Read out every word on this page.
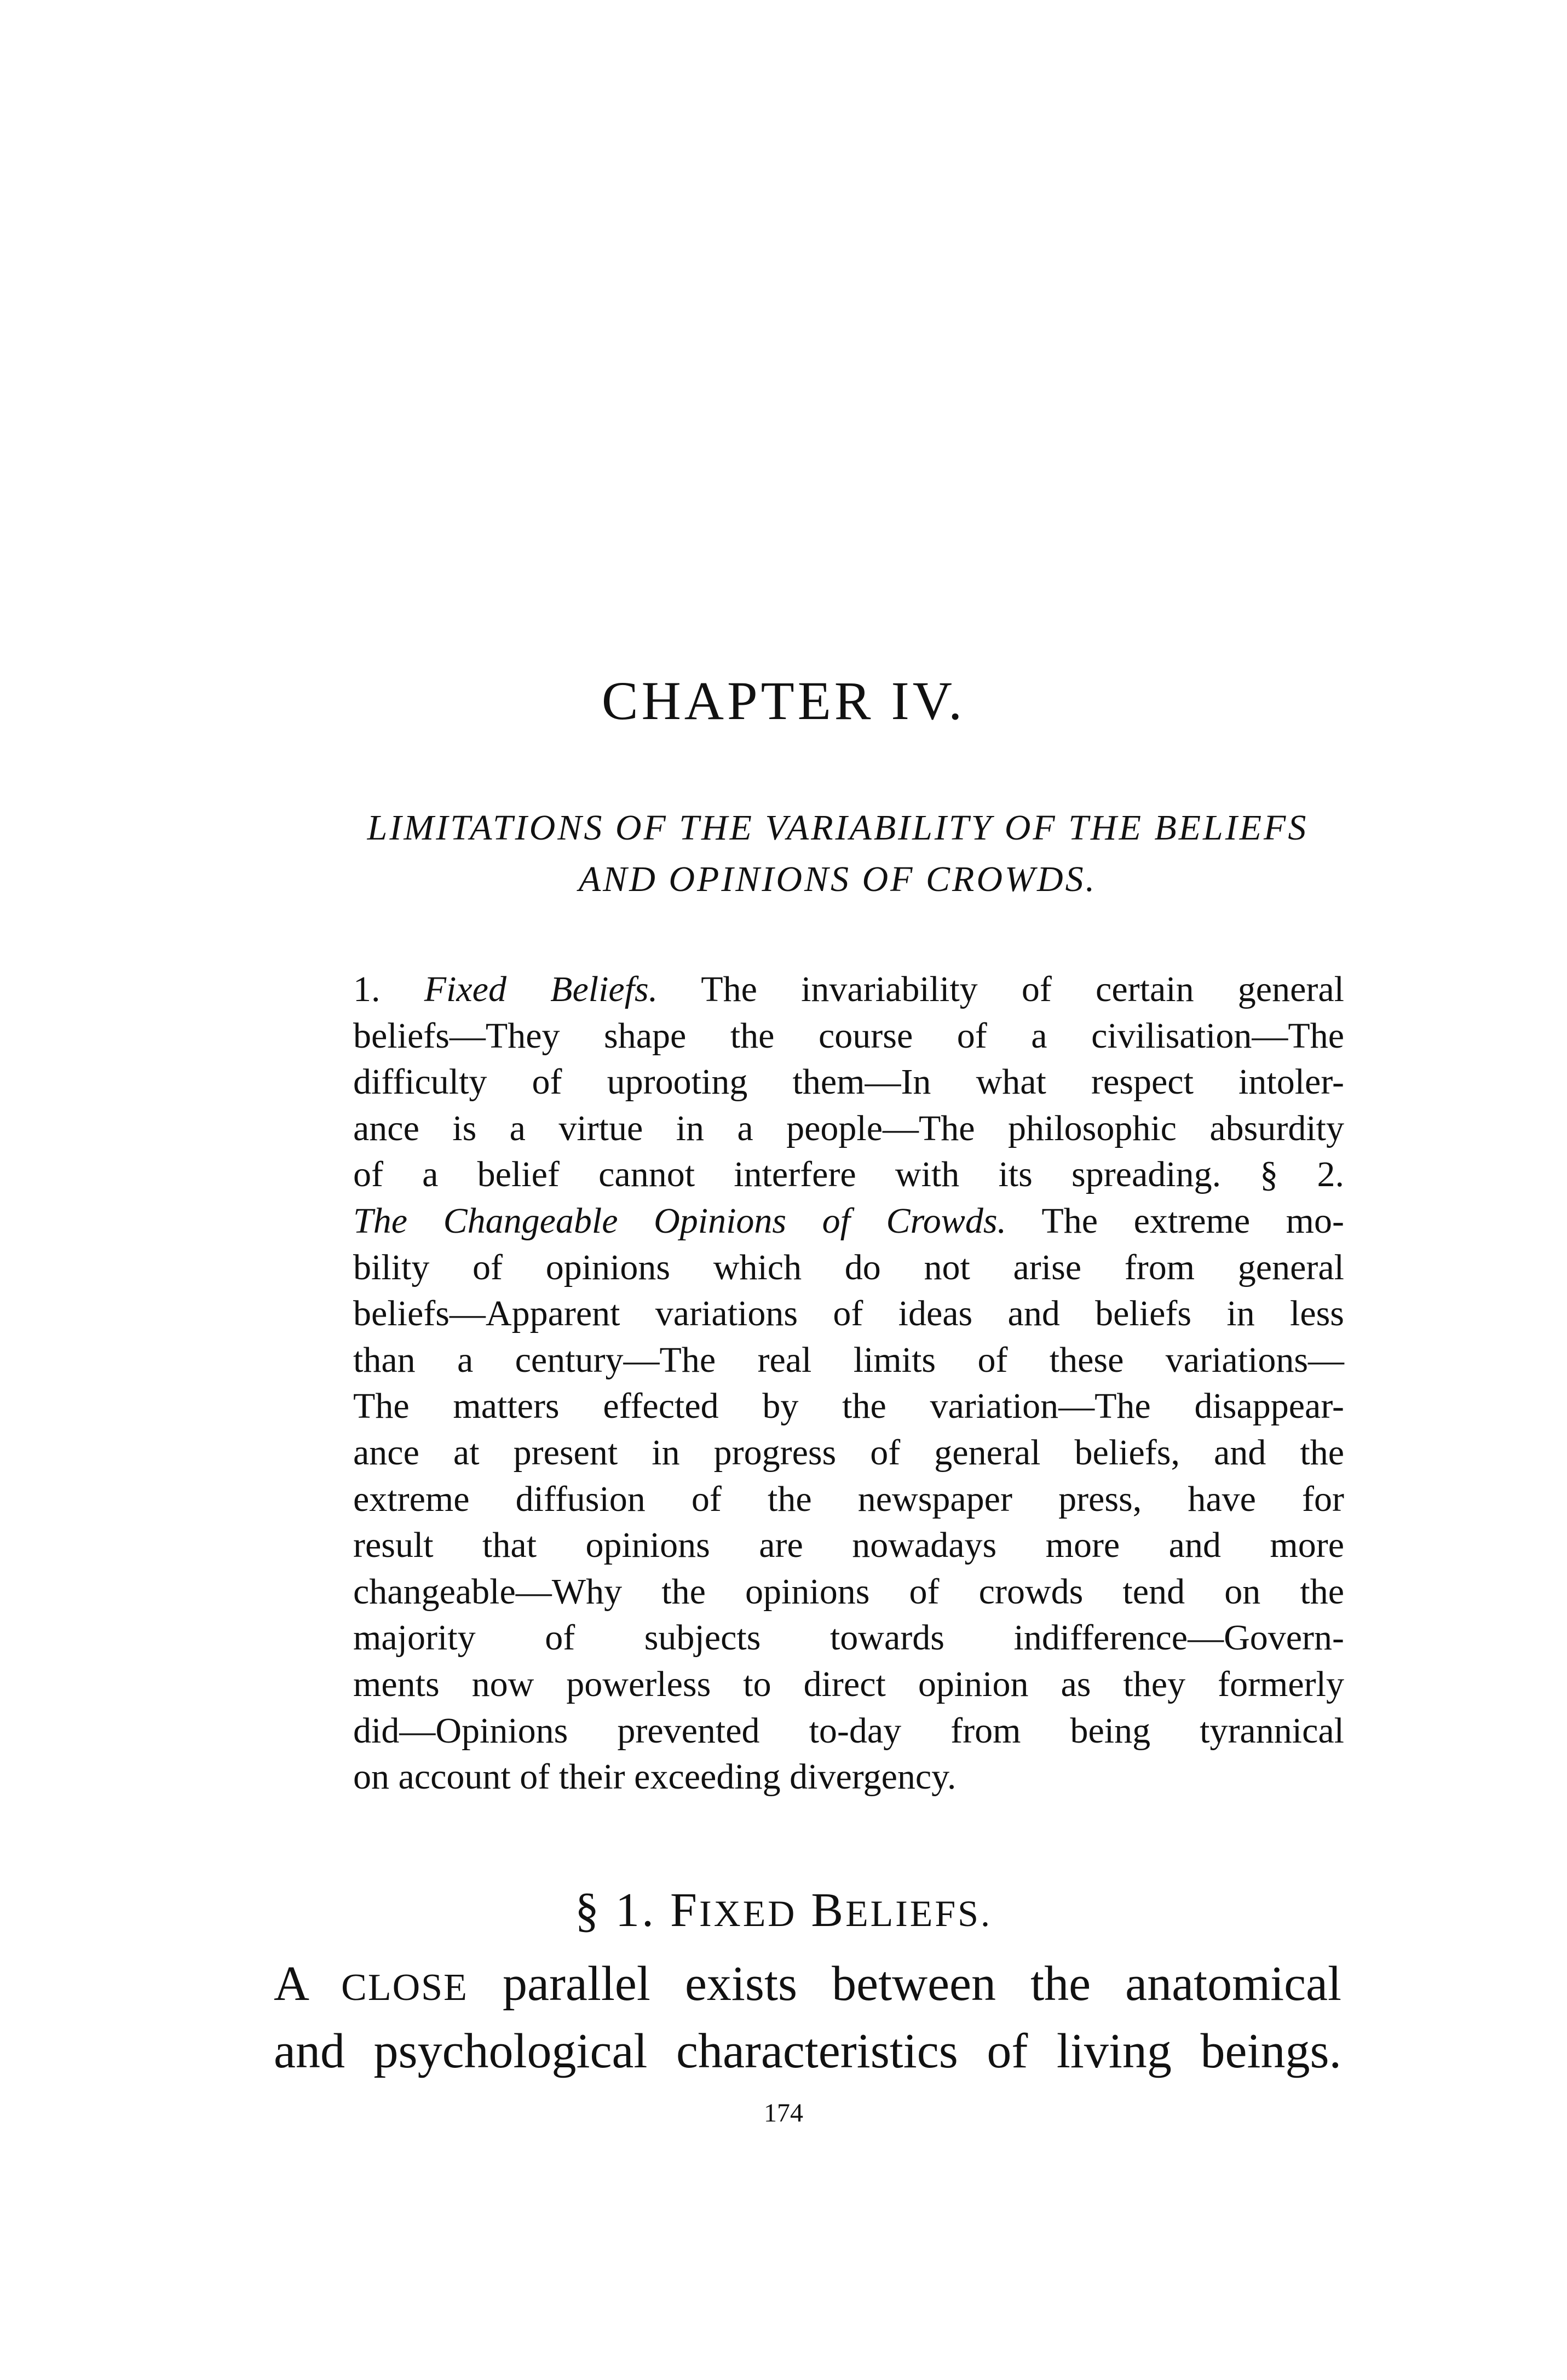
CHAPTER IV.
LIMITATIONS OF THE VARIABILITY OF THE BELIEFS
AND OPINIONS OF CROWDS.
1. Fixed Beliefs. The invariability of certain general
beliefs—They shape the course of a civilisation—The
difficulty of uprooting them—In what respect intoler-
ance is a virtue in a people—The philosophic absurdity
of a belief cannot interfere with its spreading. § 2.
The Changeable Opinions of Crowds. The extreme mo-
bility of opinions which do not arise from general
beliefs—Apparent variations of ideas and beliefs in less
than a century—The real limits of these variations—
The matters effected by the variation—The disappear-
ance at present in progress of general beliefs, and the
extreme diffusion of the newspaper press, have for
result that opinions are nowadays more and more
changeable—Why the opinions of crowds tend on the
majority of subjects towards indifference—Govern-
ments now powerless to direct opinion as they formerly
did—Opinions prevented to-day from being tyrannical
on account of their exceeding divergency.
§ 1. FIXED BELIEFS.
A CLOSE parallel exists between the anatomical
and psychological characteristics of living beings.
174
